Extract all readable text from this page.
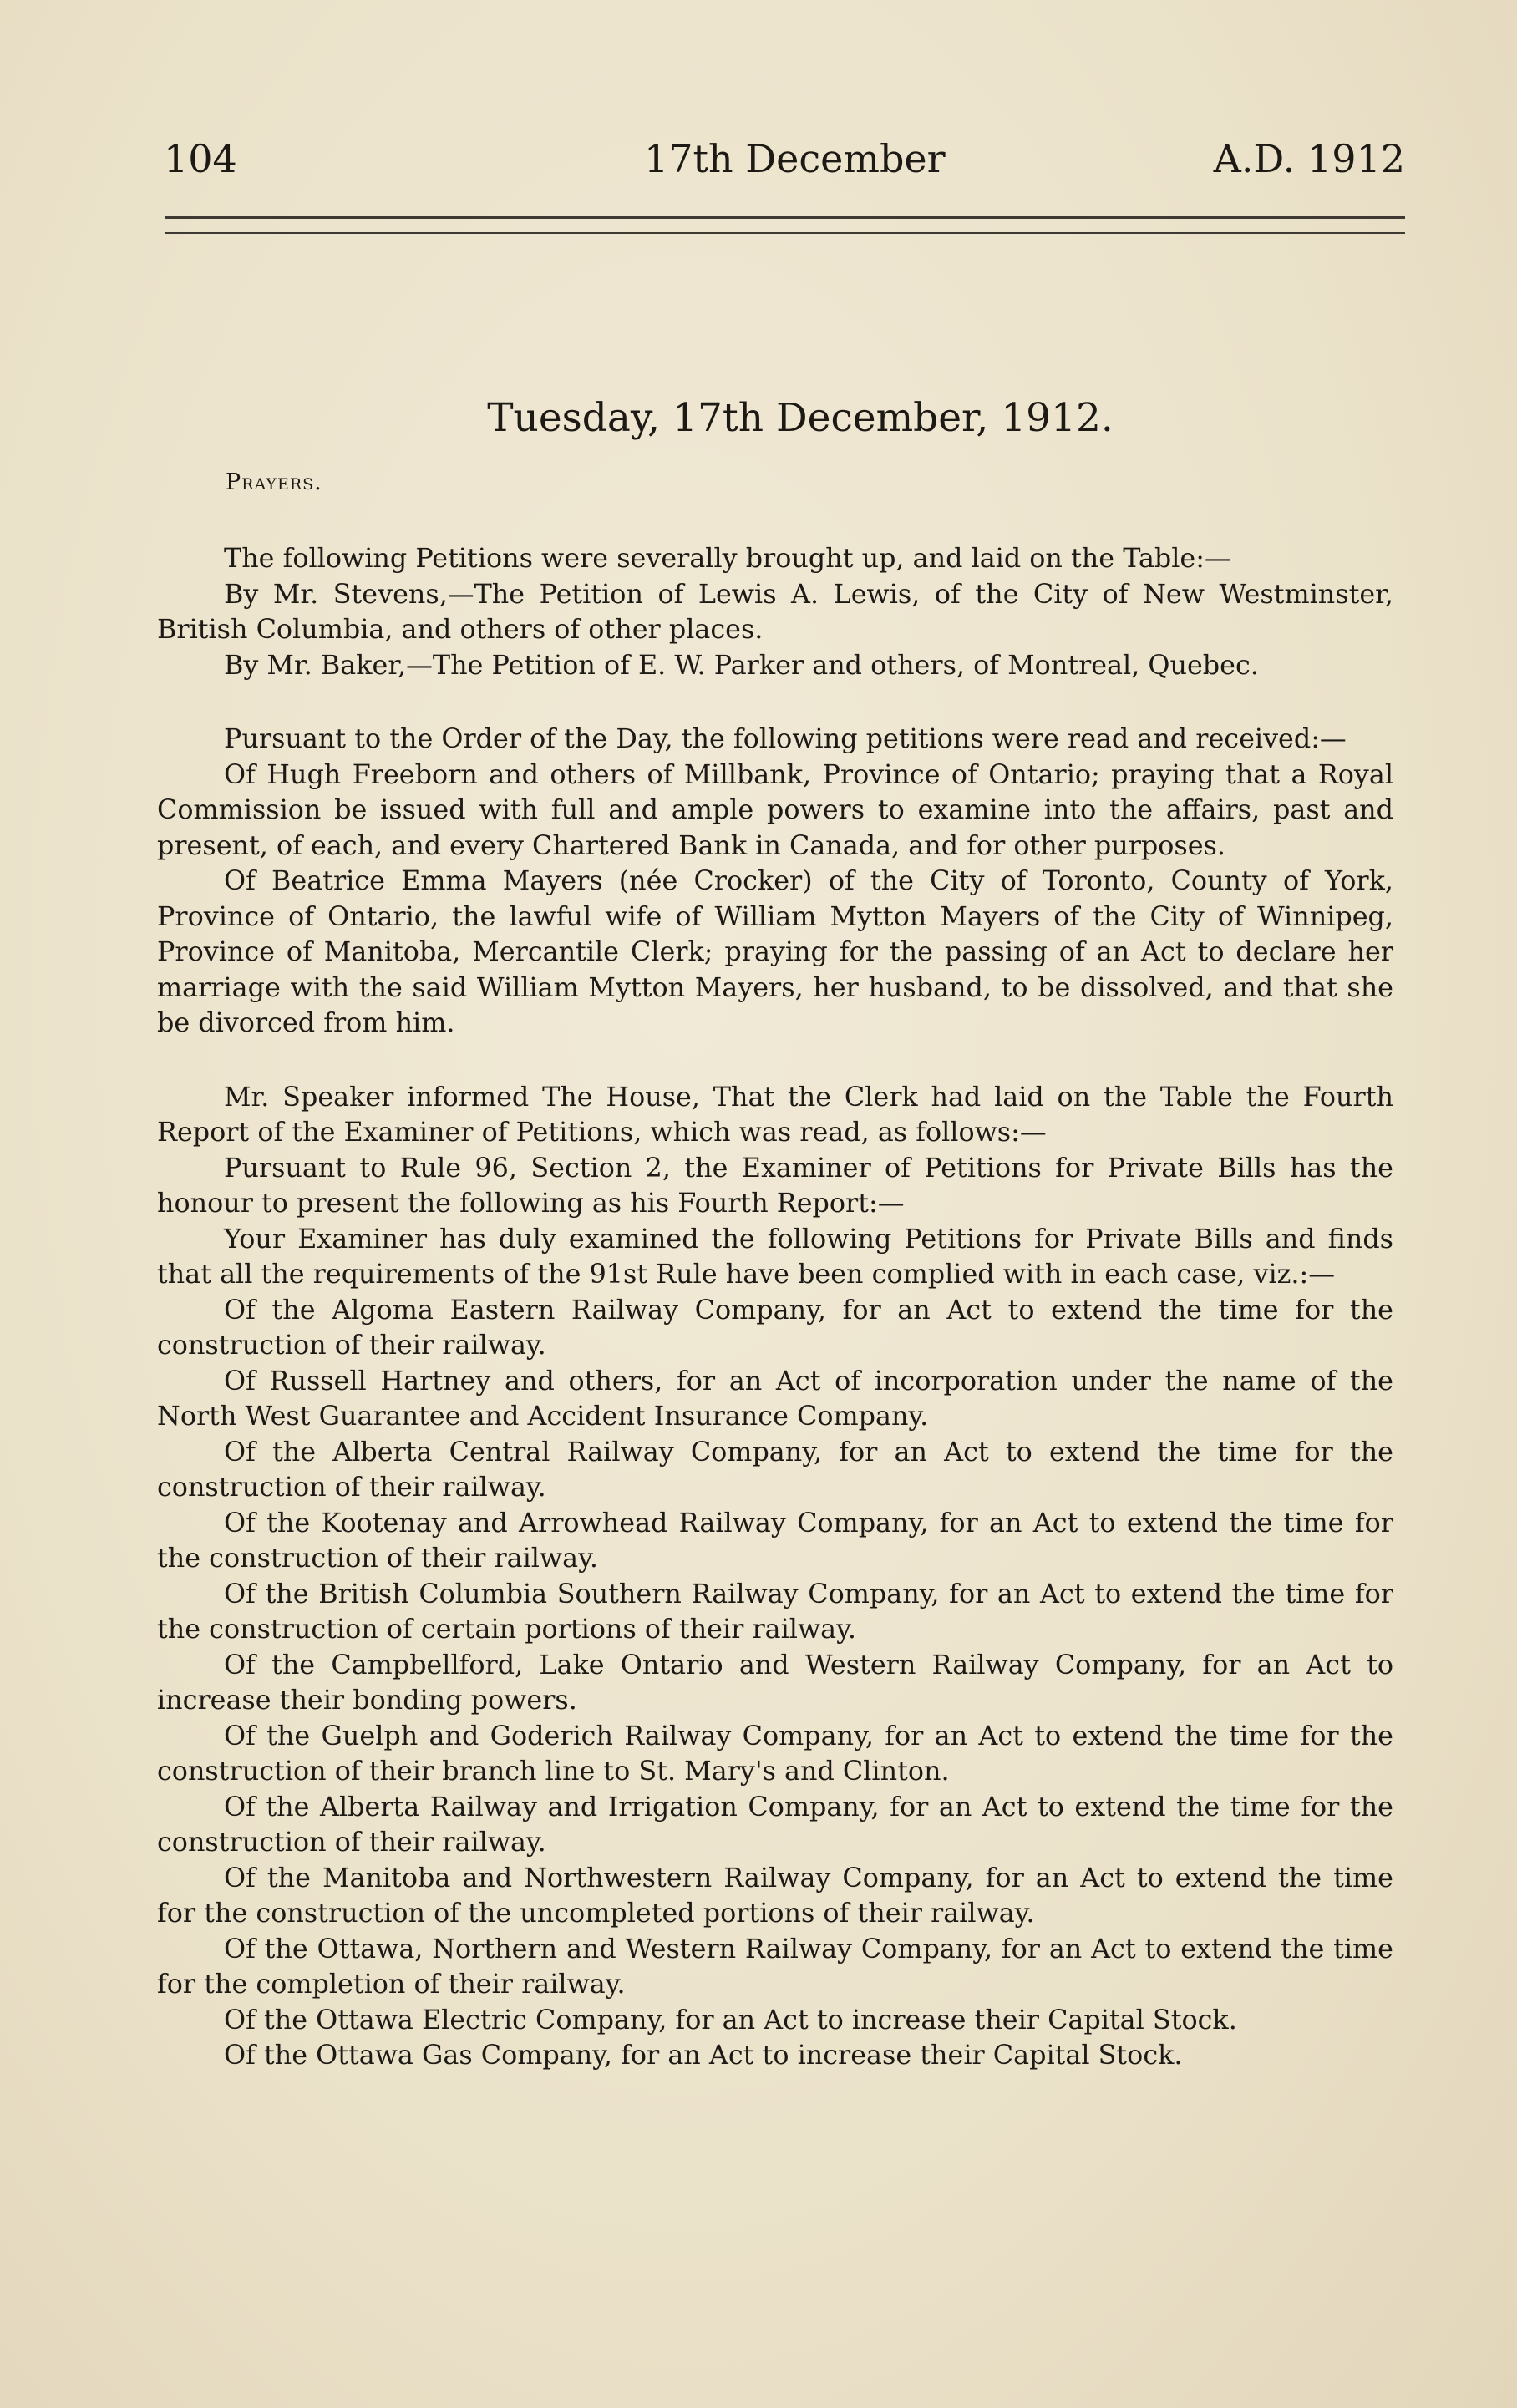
104	17th December	A.D. 1912
Tuesday, 17th December, 1912.
Prayers.

The following Petitions were severally brought up, and laid on the Table:—

By Mr. Stevens,—The Petition of Lewis A. Lewis, of the City of New Westminster, British Columbia, and others of other places.

By Mr. Baker,—The Petition of E. W. Parker and others, of Montreal, Quebec.

Pursuant to the Order of the Day, the following petitions were read and received:—

Of Hugh Freeborn and others of Millbank, Province of Ontario; praying that a Royal Commission be issued with full and ample powers to examine into the affairs, past and present, of each, and every Chartered Bank in Canada, and for other purposes.

Of Beatrice Emma Mayers (née Crocker) of the City of Toronto, County of York, Province of Ontario, the lawful wife of William Mytton Mayers of the City of Winnipeg, Province of Manitoba, Mercantile Clerk; praying for the passing of an Act to declare her marriage with the said William Mytton Mayers, her husband, to be dissolved, and that she be divorced from him.

Mr. Speaker informed The House, That the Clerk had laid on the Table the Fourth Report of the Examiner of Petitions, which was read, as follows:—

Pursuant to Rule 96, Section 2, the Examiner of Petitions for Private Bills has the honour to present the following as his Fourth Report:—

Your Examiner has duly examined the following Petitions for Private Bills and finds that all the requirements of the 91st Rule have been complied with in each case, viz.:—

Of the Algoma Eastern Railway Company, for an Act to extend the time for the construction of their railway.

Of Russell Hartney and others, for an Act of incorporation under the name of the North West Guarantee and Accident Insurance Company.

Of the Alberta Central Railway Company, for an Act to extend the time for the construction of their railway.

Of the Kootenay and Arrowhead Railway Company, for an Act to extend the time for the construction of their railway.

Of the British Columbia Southern Railway Company, for an Act to extend the time for the construction of certain portions of their railway.

Of the Campbellford, Lake Ontario and Western Railway Company, for an Act to increase their bonding powers.

Of the Guelph and Goderich Railway Company, for an Act to extend the time for the construction of their branch line to St. Mary's and Clinton.

Of the Alberta Railway and Irrigation Company, for an Act to extend the time for the construction of their railway.

Of the Manitoba and Northwestern Railway Company, for an Act to extend the time for the construction of the uncompleted portions of their railway.

Of the Ottawa, Northern and Western Railway Company, for an Act to extend the time for the completion of their railway.

Of the Ottawa Electric Company, for an Act to increase their Capital Stock.

Of the Ottawa Gas Company, for an Act to increase their Capital Stock.
